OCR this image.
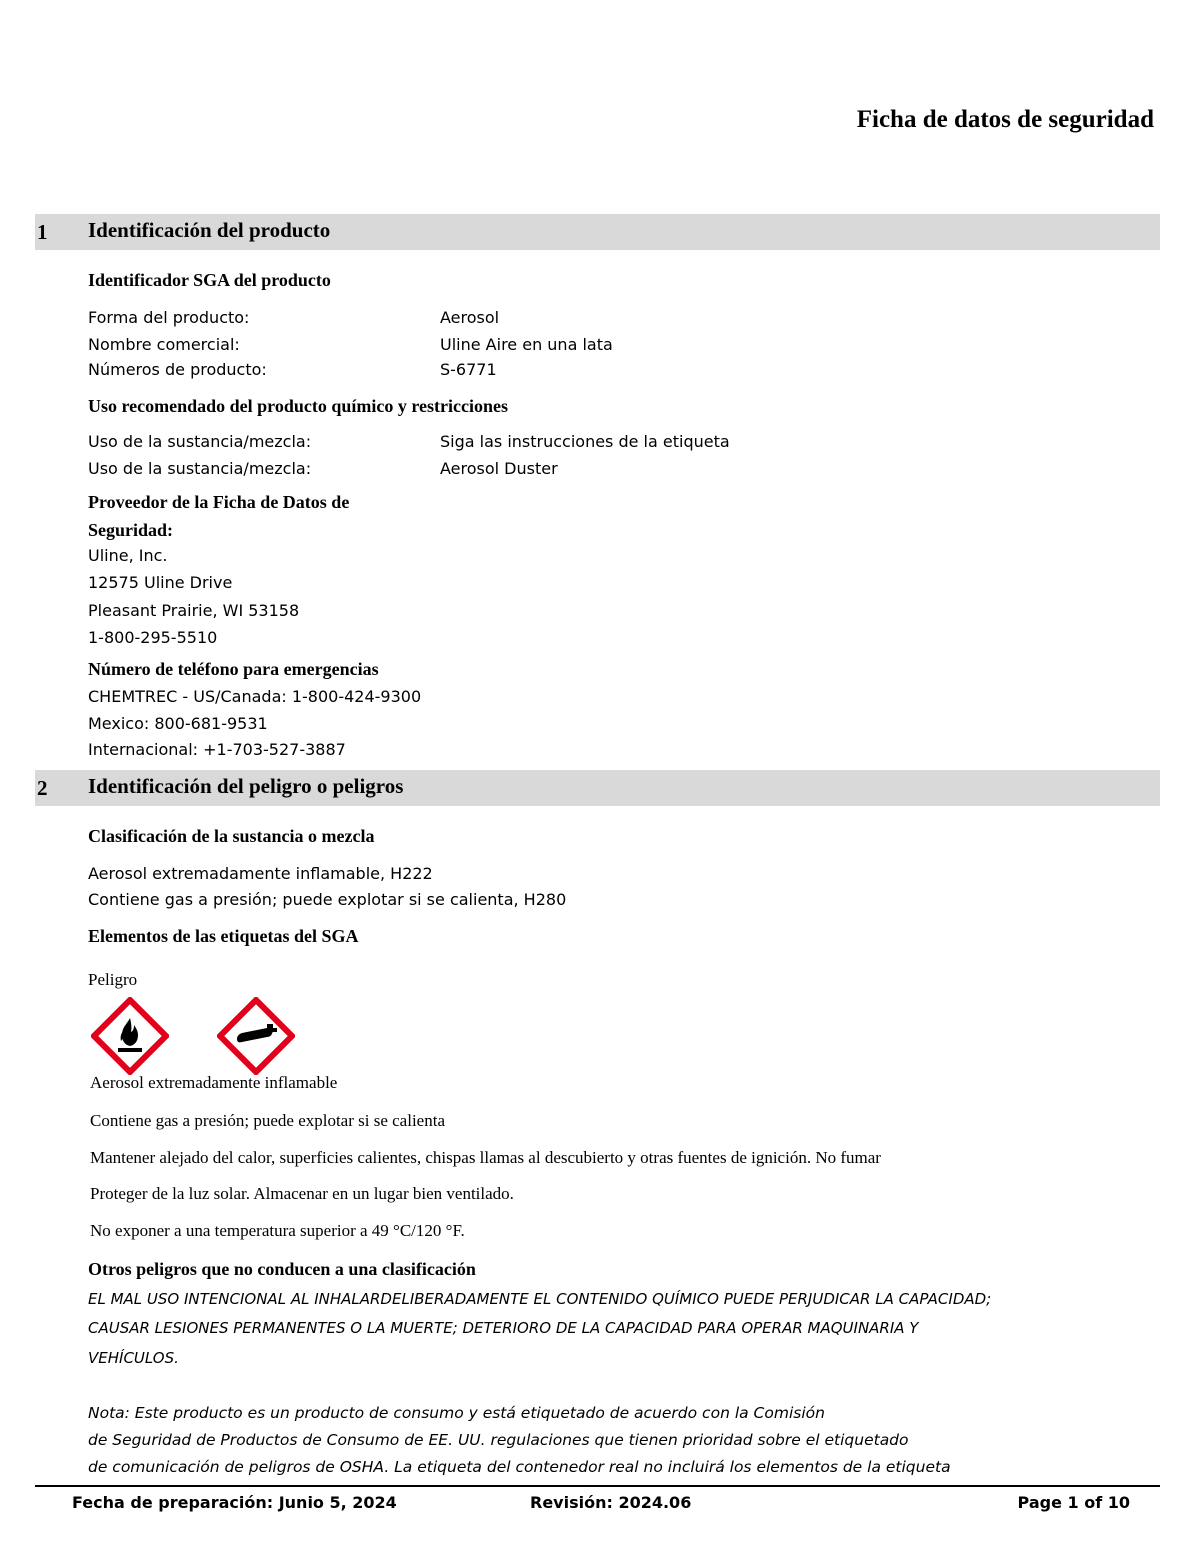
Ficha de datos de seguridad
1 Identificación del producto
Identificador SGA del producto
Forma del producto:	Aerosol
Nombre comercial:	Uline Aire en una lata
Números de producto:	S-6771
Uso recomendado del producto químico y restricciones
Uso de la sustancia/mezcla:	Siga las instrucciones de la etiqueta
Uso de la sustancia/mezcla:	Aerosol Duster
Proveedor de la Ficha de Datos de
Seguridad:
Uline, Inc.
12575 Uline Drive
Pleasant Prairie, WI 53158
1-800-295-5510
Número de teléfono para emergencias
CHEMTREC - US/Canada: 1-800-424-9300
Mexico: 800-681-9531
Internacional: +1-703-527-3887
2 Identificación del peligro o peligros
Clasificación de la sustancia o mezcla
Aerosol extremadamente inflamable, H222
Contiene gas a presión; puede explotar si se calienta, H280
Elementos de las etiquetas del SGA
Peligro
Aerosol extremadamente inflamable
Contiene gas a presión; puede explotar si se calienta
Mantener alejado del calor, superficies calientes, chispas llamas al descubierto y otras fuentes de ignición. No fumar
Proteger de la luz solar. Almacenar en un lugar bien ventilado.
No exponer a una temperatura superior a 49 °C/120 °F.
Otros peligros que no conducen a una clasificación
EL MAL USO INTENCIONAL AL INHALARDELIBERADAMENTE EL CONTENIDO QUÍMICO PUEDE PERJUDICAR LA CAPACIDAD;
CAUSAR LESIONES PERMANENTES O LA MUERTE; DETERIORO DE LA CAPACIDAD PARA OPERAR MAQUINARIA Y
VEHÍCULOS.
Nota: Este producto es un producto de consumo y está etiquetado de acuerdo con la Comisión
de Seguridad de Productos de Consumo de EE. UU. regulaciones que tienen prioridad sobre el etiquetado
de comunicación de peligros de OSHA. La etiqueta del contenedor real no incluirá los elementos de la etiqueta
Fecha de preparación: Junio 5, 2024	Revisión: 2024.06	Page 1 of 10
